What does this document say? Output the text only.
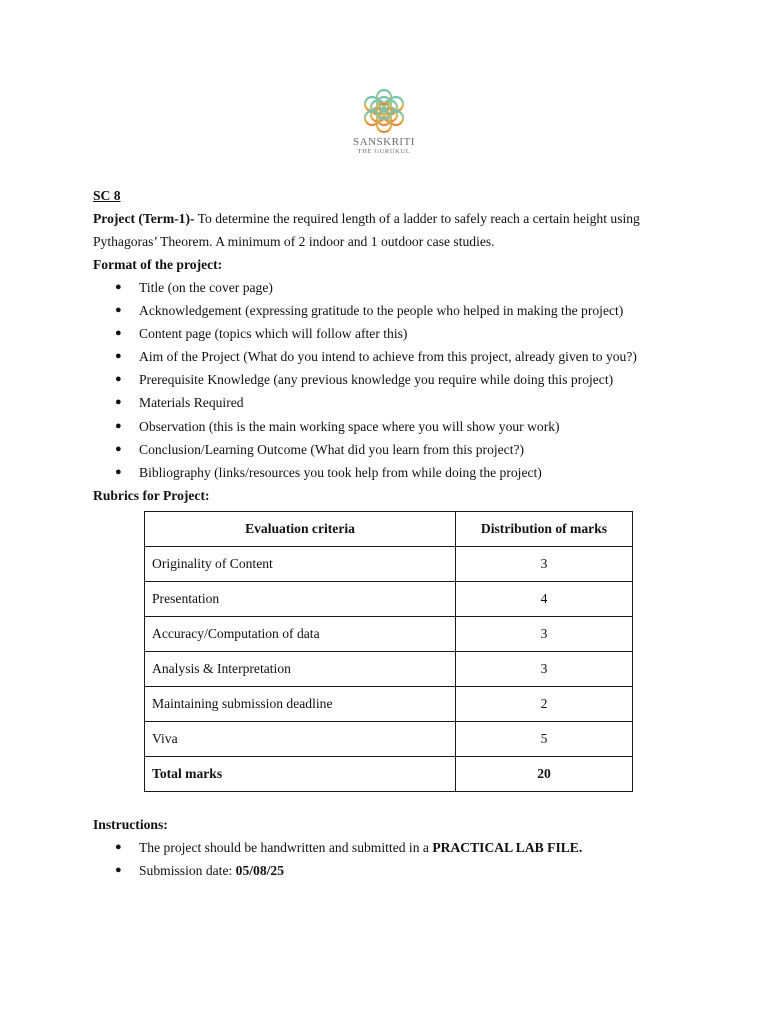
SANSKRITI
THE GURUKUL

SC 8

Project (Term-1)- To determine the required length of a ladder to safely reach a certain height using

Pythagoras’ Theorem. A minimum of 2 indoor and 1 outdoor case studies.

Format of the project:

● Title (on the cover page)
● Acknowledgement (expressing gratitude to the people who helped in making the project)
● Content page (topics which will follow after this)
● Aim of the Project (What do you intend to achieve from this project, already given to you?)
● Prerequisite Knowledge (any previous knowledge you require while doing this project)
● Materials Required
● Observation (this is the main working space where you will show your work)
● Conclusion/Learning Outcome (What did you learn from this project?)
● Bibliography (links/resources you took help from while doing the project)

Rubrics for Project:

Evaluation criteria	Distribution of marks
Originality of Content	3
Presentation	4
Accuracy/Computation of data	3
Analysis & Interpretation	3
Maintaining submission deadline	2
Viva	5
Total marks	20

Instructions:

● The project should be handwritten and submitted in a PRACTICAL LAB FILE.
● Submission date: 05/08/25
